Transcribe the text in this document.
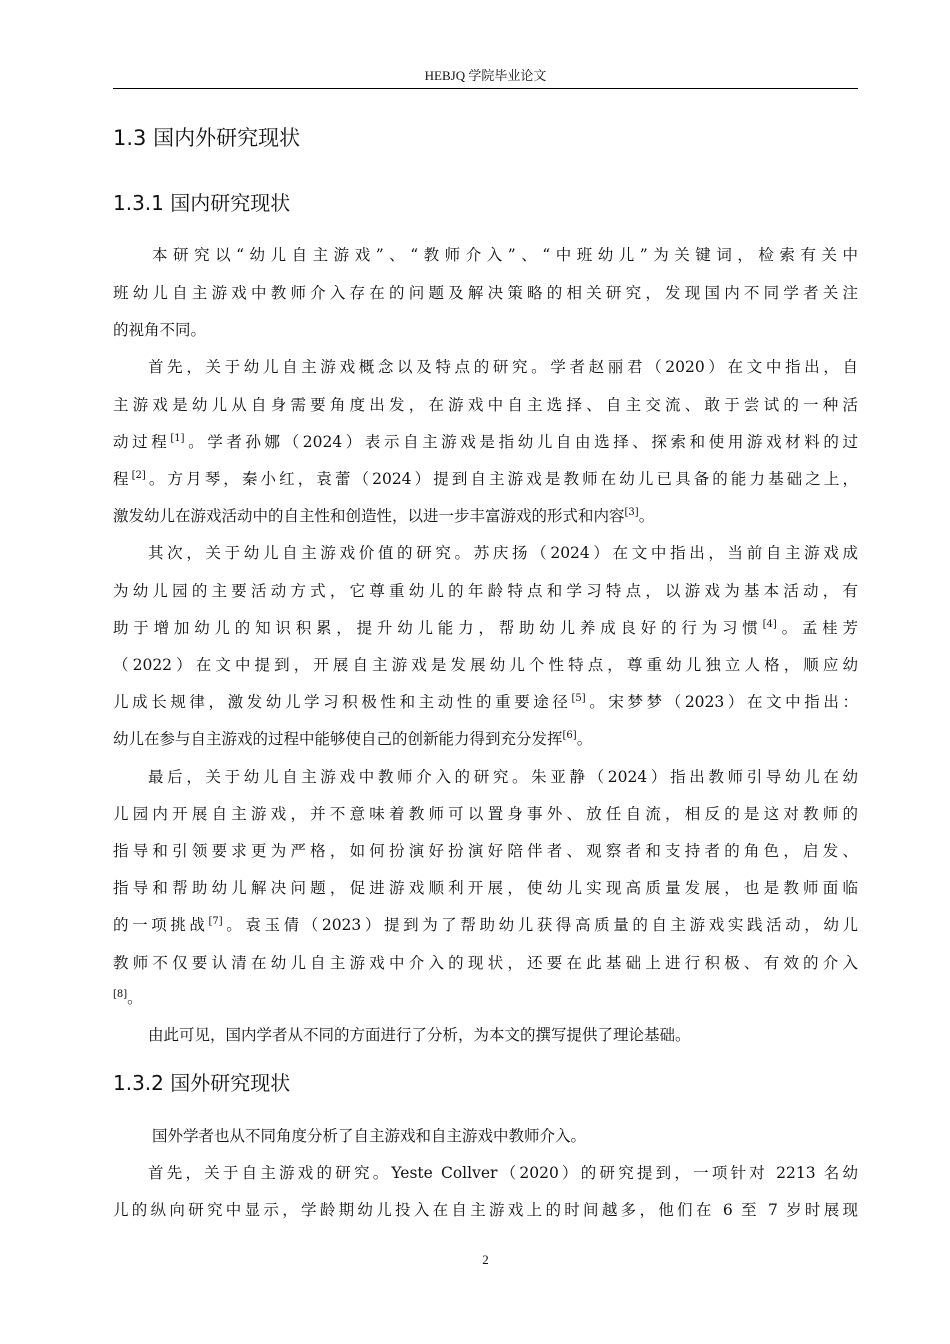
HEBJQ 学院毕业论文
1.3 国内外研究现状
1.3.1 国内研究现状
本研究以“幼儿自主游戏”、“教师介入”、“中班幼儿”为关键词，检索有关中
班幼儿自主游戏中教师介入存在的问题及解决策略的相关研究，发现国内不同学者关注
的视角不同。
首先，关于幼儿自主游戏概念以及特点的研究。学者赵丽君（2020）在文中指出，自
主游戏是幼儿从自身需要角度出发，在游戏中自主选择、自主交流、敢于尝试的一种活
动过程[1]。学者孙娜（2024）表示自主游戏是指幼儿自由选择、探索和使用游戏材料的过
程[2]。方月琴，秦小红，袁蕾（2024）提到自主游戏是教师在幼儿已具备的能力基础之上，
激发幼儿在游戏活动中的自主性和创造性，以进一步丰富游戏的形式和内容[3]。
其次，关于幼儿自主游戏价值的研究。苏庆扬（2024）在文中指出，当前自主游戏成
为幼儿园的主要活动方式，它尊重幼儿的年龄特点和学习特点，以游戏为基本活动，有
助于增加幼儿的知识积累，提升幼儿能力，帮助幼儿养成良好的行为习惯[4]。孟桂芳
（2022）在文中提到，开展自主游戏是发展幼儿个性特点，尊重幼儿独立人格，顺应幼
儿成长规律，激发幼儿学习积极性和主动性的重要途径[5]。宋梦梦（2023）在文中指出：
幼儿在参与自主游戏的过程中能够使自己的创新能力得到充分发挥[6]。
最后，关于幼儿自主游戏中教师介入的研究。朱亚静（2024）指出教师引导幼儿在幼
儿园内开展自主游戏，并不意味着教师可以置身事外、放任自流，相反的是这对教师的
指导和引领要求更为严格，如何扮演好扮演好陪伴者、观察者和支持者的角色，启发、
指导和帮助幼儿解决问题，促进游戏顺利开展，使幼儿实现高质量发展，也是教师面临
的一项挑战[7]。袁玉倩（2023）提到为了帮助幼儿获得高质量的自主游戏实践活动，幼儿
教师不仅要认清在幼儿自主游戏中介入的现状，还要在此基础上进行积极、有效的介入
[8]。
由此可见，国内学者从不同的方面进行了分析，为本文的撰写提供了理论基础。
1.3.2 国外研究现状
国外学者也从不同角度分析了自主游戏和自主游戏中教师介入。
首先，关于自主游戏的研究。Yeste Collver（2020）的研究提到，一项针对 2213 名幼
儿的纵向研究中显示，学龄期幼儿投入在自主游戏上的时间越多，他们在 6 至 7 岁时展现
2
